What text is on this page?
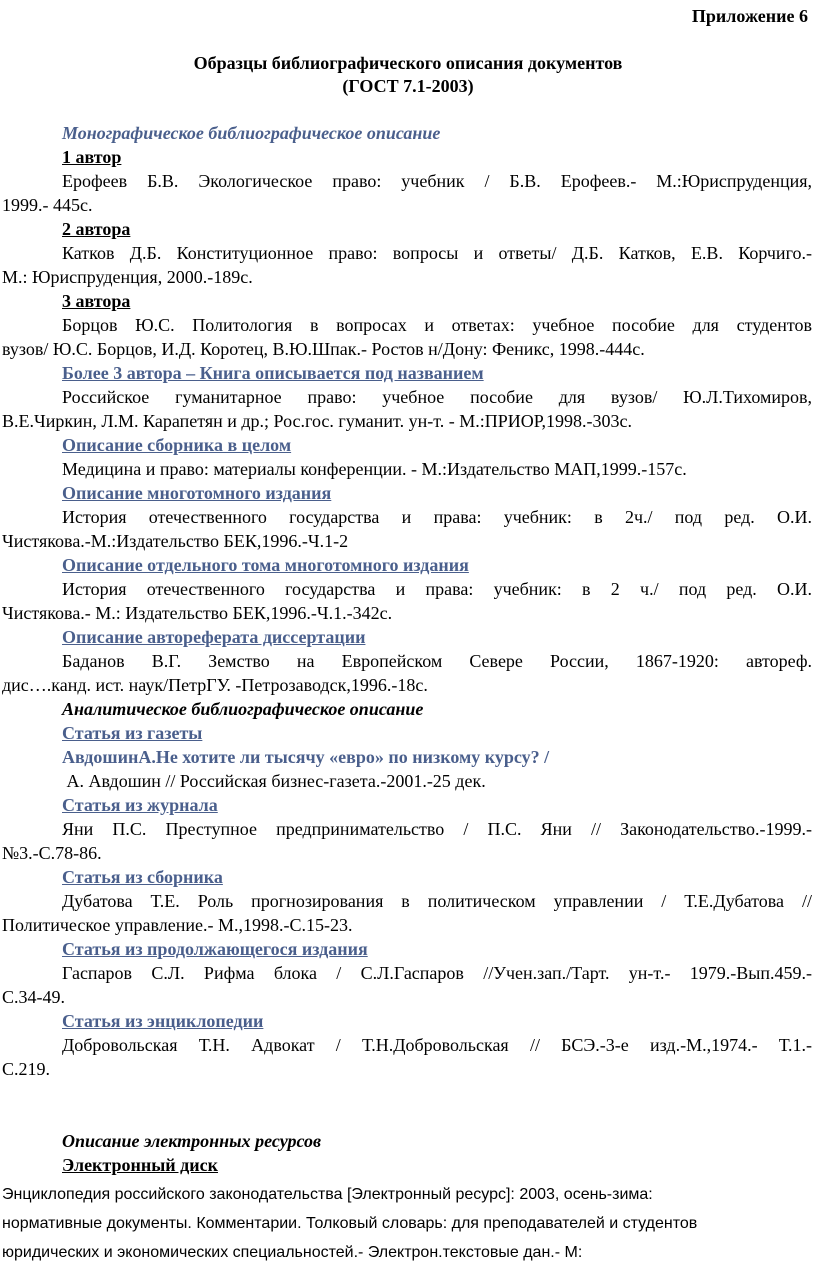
Приложение 6
Образцы библиографического описания документов
(ГОСТ 7.1-2003)
Монографическое библиографическое описание
1 автор
Ерофеев Б.В. Экологическое право: учебник / Б.В. Ерофеев.- М.:Юриспруденция,
1999.- 445с.
2 автора
Катков Д.Б. Конституционное право: вопросы и ответы/ Д.Б. Катков, Е.В. Корчиго.-
М.: Юриспруденция, 2000.-189с.
3 автора
Борцов Ю.С. Политология в вопросах и ответах: учебное пособие для студентов
вузов/ Ю.С. Борцов, И.Д. Коротец, В.Ю.Шпак.- Ростов н/Дону: Феникс, 1998.-444с.
Более 3 автора – Книга описывается под названием
Российское гуманитарное право: учебное пособие для вузов/ Ю.Л.Тихомиров,
В.Е.Чиркин, Л.М. Карапетян и др.; Рос.гос. гуманит. ун-т. - М.:ПРИОР,1998.-303с.
Описание сборника в целом
Медицина и право: материалы конференции. - М.:Издательство МАП,1999.-157с.
Описание многотомного издания
История отечественного государства и права: учебник: в 2ч./ под ред. О.И.
Чистякова.-М.:Издательство БЕК,1996.-Ч.1-2
Описание отдельного тома многотомного издания
История отечественного государства и права: учебник: в 2 ч./ под ред. О.И.
Чистякова.- М.: Издательство БЕК,1996.-Ч.1.-342с.
Описание автореферата диссертации
Баданов В.Г. Земство на Европейском Севере России, 1867-1920: автореф.
дис….канд. ист. наук/ПетрГУ. -Петрозаводск,1996.-18с.
Аналитическое библиографическое описание
Статья из газеты
АвдошинА.Не хотите ли тысячу «евро» по низкому курсу? /
А. Авдошин // Российская бизнес-газета.-2001.-25 дек.
Статья из журнала
Яни П.С. Преступное предпринимательство / П.С. Яни // Законодательство.-1999.-
№3.-С.78-86.
Статья из сборника
Дубатова Т.Е. Роль прогнозирования в политическом управлении / Т.Е.Дубатова //
Политическое управление.- М.,1998.-С.15-23.
Статья из продолжающегося издания
Гаспаров С.Л. Рифма блока / С.Л.Гаспаров //Учен.зап./Тарт. ун-т.- 1979.-Вып.459.-
С.34-49.
Статья из энциклопедии
Добровольская Т.Н. Адвокат / Т.Н.Добровольская // БСЭ.-3-е изд.-М.,1974.- Т.1.-
С.219.
Описание электронных ресурсов
Электронный диск
Энциклопедия российского законодательства [Электронный ресурс]: 2003, осень-зима:
нормативные документы. Комментарии. Толковый словарь: для преподавателей и студентов
юридических и экономических специальностей.- Электрон.текстовые дан.- М:
